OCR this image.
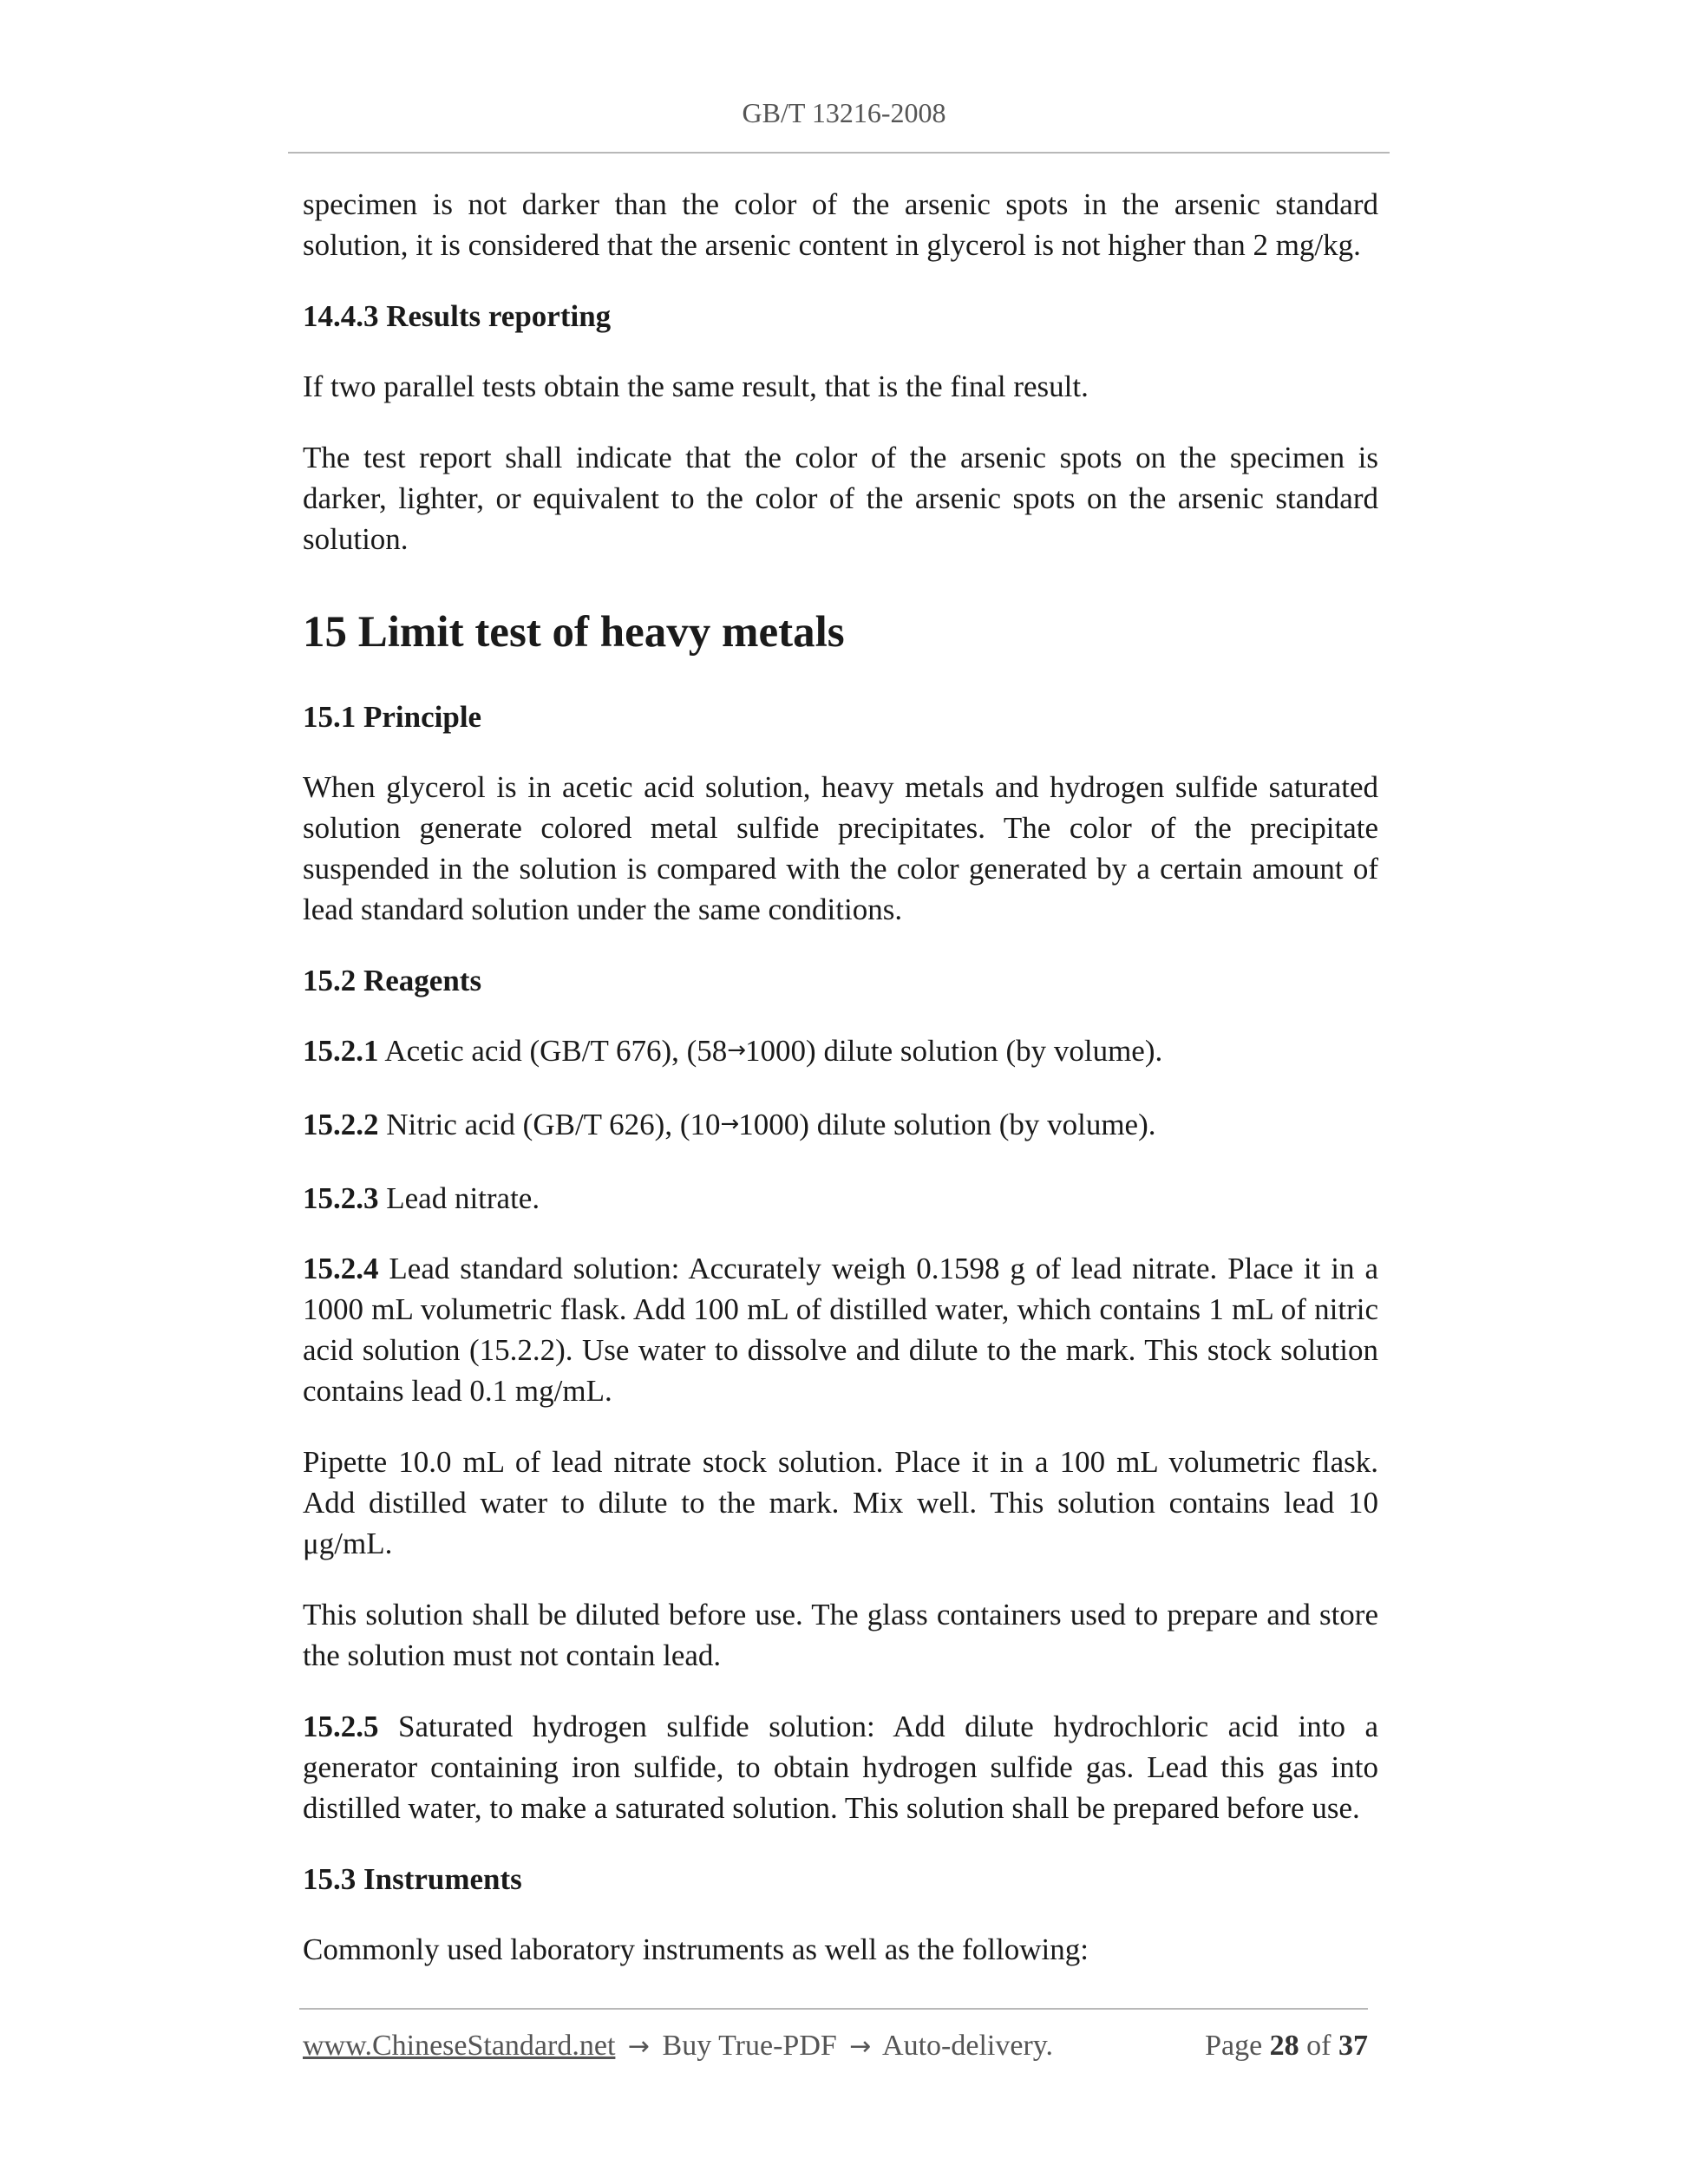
GB/T 13216-2008

specimen is not darker than the color of the arsenic spots in the arsenic standard solution, it is considered that the arsenic content in glycerol is not higher than 2 mg/kg.

14.4.3 Results reporting

If two parallel tests obtain the same result, that is the final result.

The test report shall indicate that the color of the arsenic spots on the specimen is darker, lighter, or equivalent to the color of the arsenic spots on the arsenic standard solution.

15 Limit test of heavy metals
15.1 Principle

When glycerol is in acetic acid solution, heavy metals and hydrogen sulfide saturated solution generate colored metal sulfide precipitates. The color of the precipitate suspended in the solution is compared with the color generated by a certain amount of lead standard solution under the same conditions.

15.2 Reagents

15.2.1 Acetic acid (GB/T 676), (58→1000) dilute solution (by volume).

15.2.2 Nitric acid (GB/T 626), (10→1000) dilute solution (by volume).

15.2.3 Lead nitrate.

15.2.4 Lead standard solution: Accurately weigh 0.1598 g of lead nitrate. Place it in a 1000 mL volumetric flask. Add 100 mL of distilled water, which contains 1 mL of nitric acid solution (15.2.2). Use water to dissolve and dilute to the mark. This stock solution contains lead 0.1 mg/mL.

Pipette 10.0 mL of lead nitrate stock solution. Place it in a 100 mL volumetric flask. Add distilled water to dilute to the mark. Mix well. This solution contains lead 10 μg/mL.

This solution shall be diluted before use. The glass containers used to prepare and store the solution must not contain lead.

15.2.5 Saturated hydrogen sulfide solution: Add dilute hydrochloric acid into a generator containing iron sulfide, to obtain hydrogen sulfide gas. Lead this gas into distilled water, to make a saturated solution. This solution shall be prepared before use.

15.3 Instruments

Commonly used laboratory instruments as well as the following:

www.ChineseStandard.net → Buy True-PDF → Auto-delivery.	Page 28 of 37
